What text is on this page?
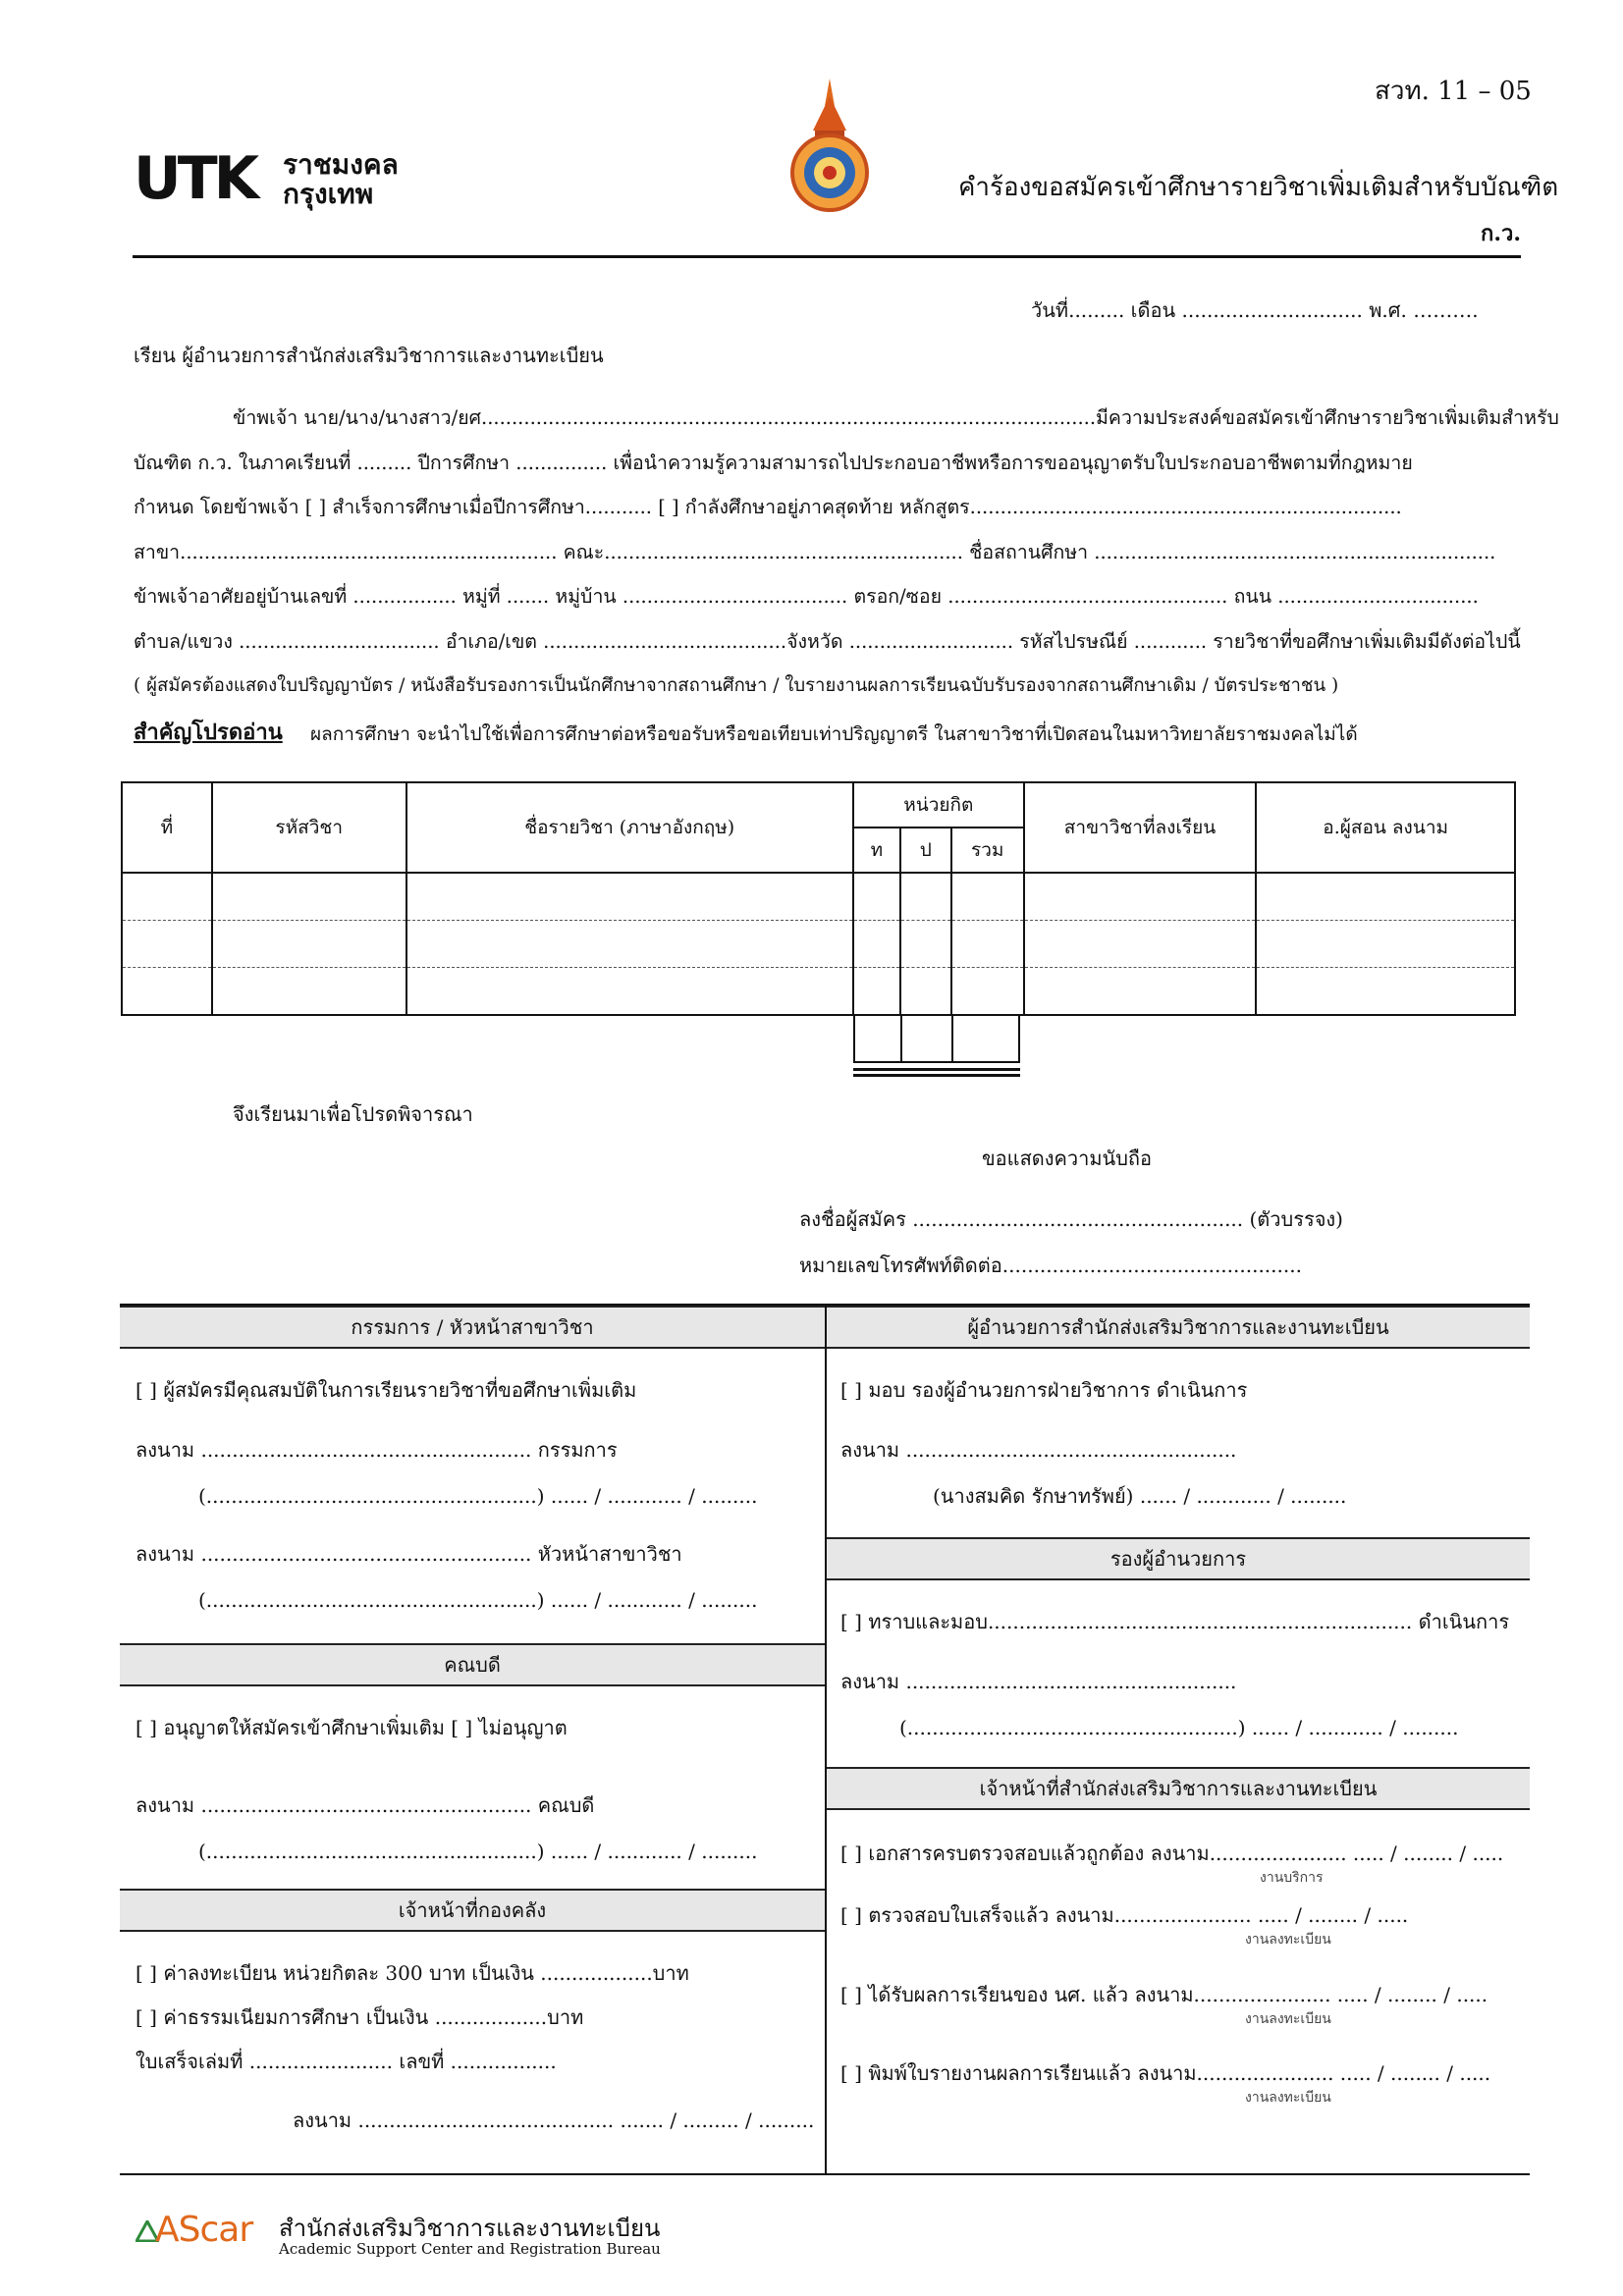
สวท. 11 – 05
UTK ราชมงคล
กรุงเทพ	คำร้องขอสมัครเข้าศึกษารายวิชาเพิ่มเติมสำหรับบัณฑิต
ก.ว.
วันที่......... เดือน ............................. พ.ศ. ……….
เรียน ผู้อำนวยการสำนักส่งเสริมวิชาการและงานทะเบียน
ข้าพเจ้า นาย/นาง/นางสาว/ยศ.....................................................................................................มีความประสงค์ขอสมัครเข้าศึกษารายวิชาเพิ่มเติมสำหรับ
บัณฑิต ก.ว. ในภาคเรียนที่ ......... ปีการศึกษา ............... เพื่อนำความรู้ความสามารถไปประกอบอาชีพหรือการขออนุญาตรับใบประกอบอาชีพตามที่กฎหมาย
กำหนด โดยข้าพเจ้า [ ] สำเร็จการศึกษาเมื่อปีการศึกษา........... [ ] กำลังศึกษาอยู่ภาคสุดท้าย หลักสูตร.......................................................................
สาขา.............................................................. คณะ........................................................... ชื่อสถานศึกษา ..................................................................
ข้าพเจ้าอาศัยอยู่บ้านเลขที่ ................. หมู่ที่ ....... หมู่บ้าน ..................................... ตรอก/ซอย .............................................. ถนน .................................
ตำบล/แขวง ................................. อำเภอ/เขต ........................................จังหวัด ........................... รหัสไปรษณีย์ ............ รายวิชาที่ขอศึกษาเพิ่มเติมมีดังต่อไปนี้
( ผู้สมัครต้องแสดงใบปริญญาบัตร / หนังสือรับรองการเป็นนักศึกษาจากสถานศึกษา / ใบรายงานผลการเรียนฉบับรับรองจากสถานศึกษาเดิม / บัตรประชาชน )
สำคัญโปรดอ่าน ผลการศึกษา จะนำไปใช้เพื่อการศึกษาต่อหรือขอรับหรือขอเทียบเท่าปริญญาตรี ในสาขาวิชาที่เปิดสอนในมหาวิทยาลัยราชมงคลไม่ได้
ที่	รหัสวิชา	ชื่อรายวิชา (ภาษาอังกฤษ)	หน่วยกิต			สาขาวิชาที่ลงเรียน	อ.ผู้สอน ลงนาม
			ท	ป	รวม		

จึงเรียนมาเพื่อโปรดพิจารณา
ขอแสดงความนับถือ
ลงชื่อผู้สมัคร ..................................................... (ตัวบรรจง)
หมายเลขโทรศัพท์ติดต่อ................................................
กรรมการ / หัวหน้าสาขาวิชา
[ ] ผู้สมัครมีคุณสมบัติในการเรียนรายวิชาที่ขอศึกษาเพิ่มเติม
ลงนาม ..................................................... กรรมการ
(.....................................................) ...... / ............ / .........
ลงนาม ..................................................... หัวหน้าสาขาวิชา
(.....................................................) ...... / ............ / .........
คณบดี
[ ] อนุญาตให้สมัครเข้าศึกษาเพิ่มเติม [ ] ไม่อนุญาต
ลงนาม ..................................................... คณบดี
(.....................................................) ...... / ............ / .........
เจ้าหน้าที่กองคลัง
[ ] ค่าลงทะเบียน หน่วยกิตละ 300 บาท เป็นเงิน ..................บาท
[ ] ค่าธรรมเนียมการศึกษา เป็นเงิน ..................บาท
ใบเสร็จเล่มที่ ....................... เลขที่ .................
ลงนาม ......................................... ....... / ......... / .........
ผู้อำนวยการสำนักส่งเสริมวิชาการและงานทะเบียน
[ ] มอบ รองผู้อำนวยการฝ่ายวิชาการ ดำเนินการ
ลงนาม .....................................................
(นางสมคิด รักษาทรัพย์) ...... / ............ / .........
รองผู้อำนวยการ
[ ] ทราบและมอบ.................................................................... ดำเนินการ
ลงนาม .....................................................
(.....................................................) ...... / ............ / .........
เจ้าหน้าที่สำนักส่งเสริมวิชาการและงานทะเบียน
[ ] เอกสารครบตรวจสอบแล้วถูกต้อง ลงนาม...................... ..... / ........ / .....
งานบริการ
[ ] ตรวจสอบใบเสร็จแล้ว ลงนาม...................... ..... / ........ / .....
งานลงทะเบียน
[ ] ได้รับผลการเรียนของ นศ. แล้ว ลงนาม...................... ..... / ........ / .....
งานลงทะเบียน
[ ] พิมพ์ใบรายงานผลการเรียนแล้ว ลงนาม...................... ..... / ........ / .....
งานลงทะเบียน
AScar สำนักส่งเสริมวิชาการและงานทะเบียน
Academic Support Center and Registration Bureau
